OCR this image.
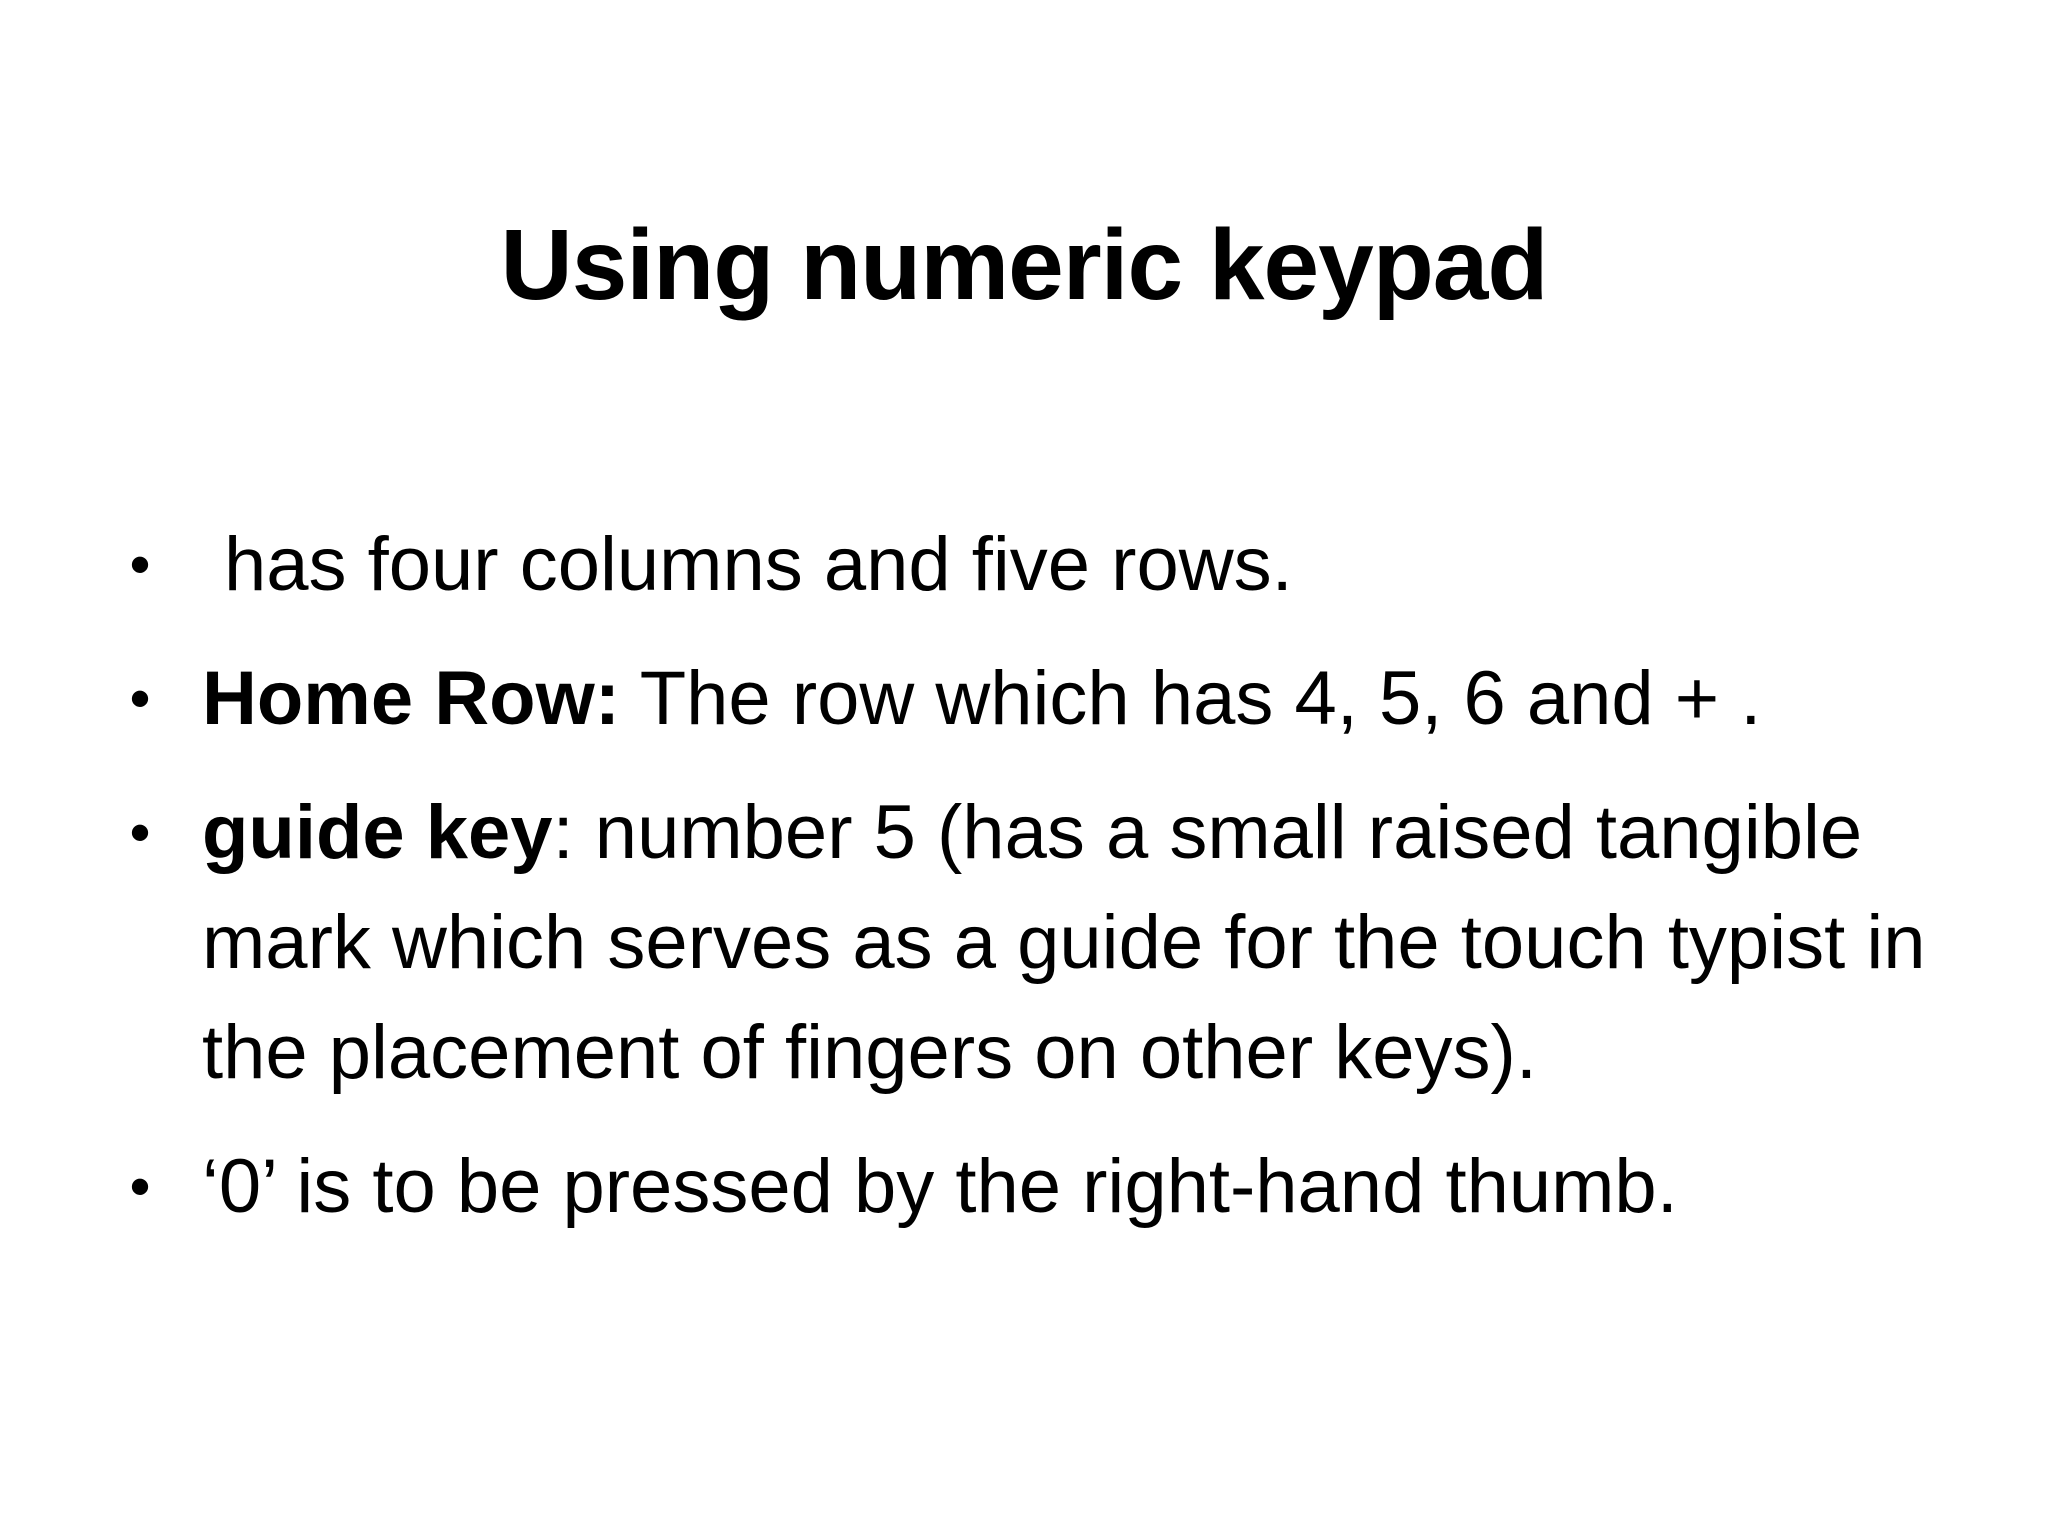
Using numeric keypad
• has four columns and five rows.
• Home Row: The row which has 4, 5, 6 and + .
• guide key: number 5 (has a small raised tangible mark which serves as a guide for the touch typist in the placement of fingers on other keys).
• ‘0’ is to be pressed by the right-hand thumb.
